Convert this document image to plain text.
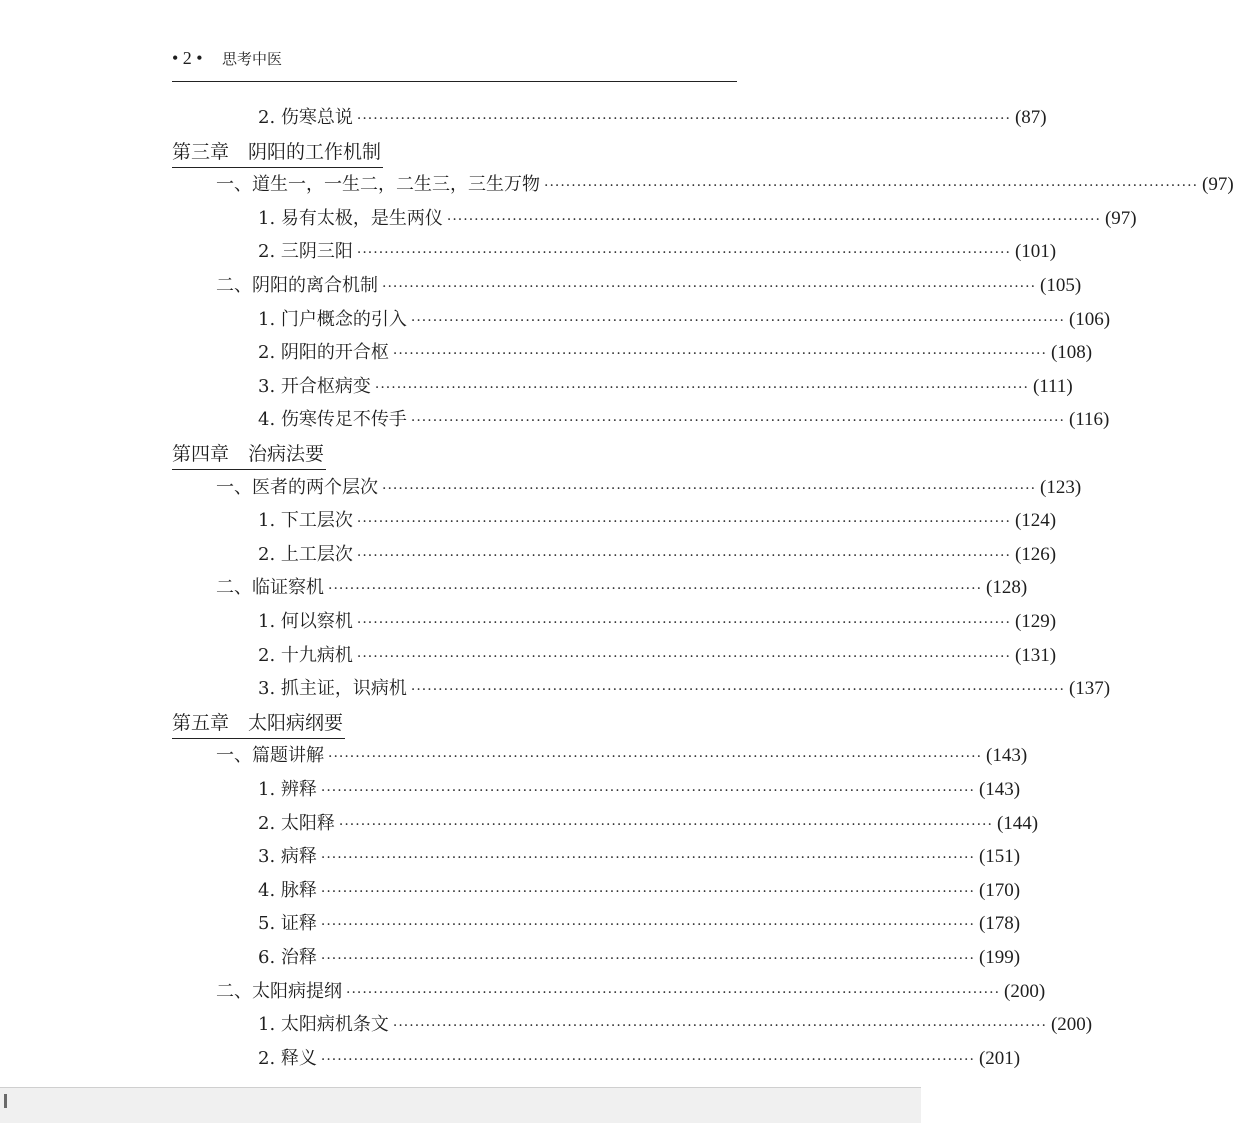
• 2 • 思考中医
2. 伤寒总说 ························································································································ (87)
第三章　阴阳的工作机制
一、道生一，一生二，二生三，三生万物 ························································································································ (97)
1. 易有太极，是生两仪 ························································································································ (97)
2. 三阴三阳 ························································································································ (101)
二、阴阳的离合机制 ························································································································ (105)
1. 门户概念的引入 ························································································································ (106)
2. 阴阳的开合枢 ························································································································ (108)
3. 开合枢病变 ························································································································ (111)
4. 伤寒传足不传手 ························································································································ (116)
第四章　治病法要
一、医者的两个层次 ························································································································ (123)
1. 下工层次 ························································································································ (124)
2. 上工层次 ························································································································ (126)
二、临证察机 ························································································································ (128)
1. 何以察机 ························································································································ (129)
2. 十九病机 ························································································································ (131)
3. 抓主证，识病机 ························································································································ (137)
第五章　太阳病纲要
一、篇题讲解 ························································································································ (143)
1. 辨释 ························································································································ (143)
2. 太阳释 ························································································································ (144)
3. 病释 ························································································································ (151)
4. 脉释 ························································································································ (170)
5. 证释 ························································································································ (178)
6. 治释 ························································································································ (199)
二、太阳病提纲 ························································································································ (200)
1. 太阳病机条文 ························································································································ (200)
2. 释义 ························································································································ (201)
